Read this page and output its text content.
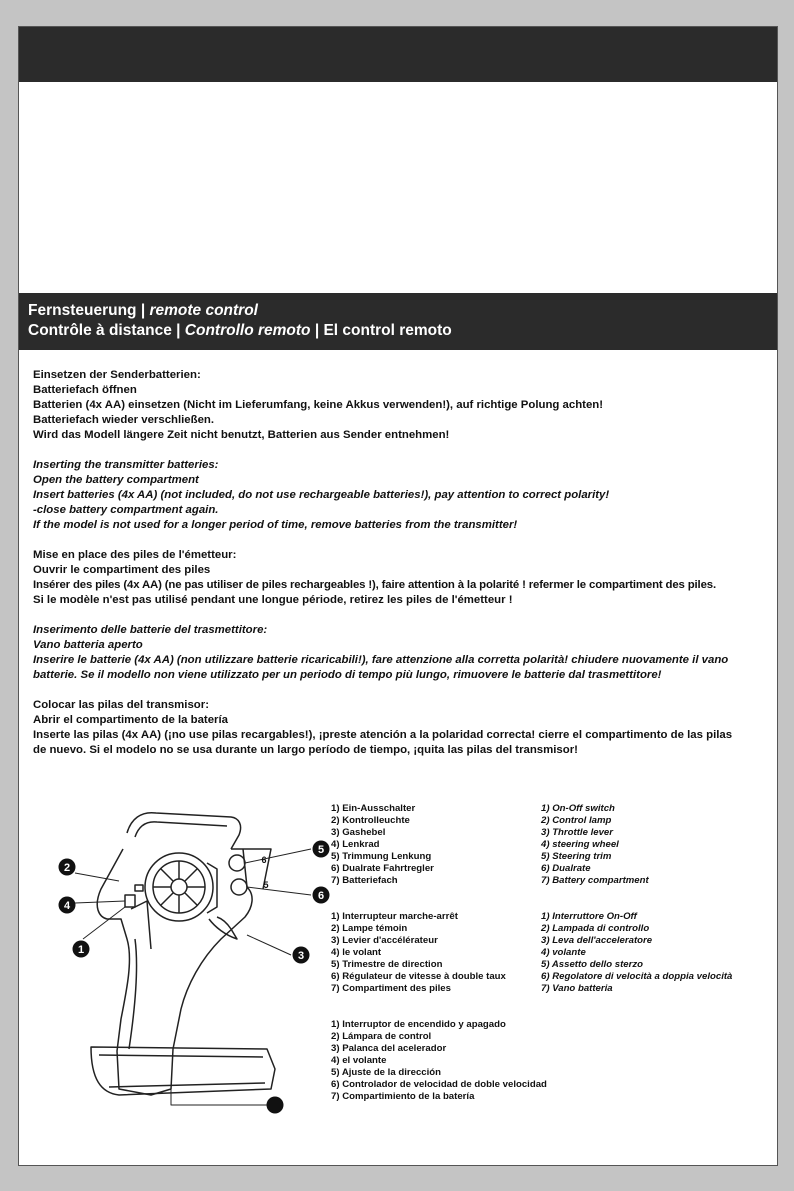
Fernsteuerung | remote control
Contrôle à distance | Controllo remoto | El control remoto
Einsetzen der Senderbatterien:
Batteriefach öffnen
Batterien (4x AA) einsetzen (Nicht im Lieferumfang, keine Akkus verwenden!), auf richtige Polung achten!
Batteriefach wieder verschließen.
Wird das Modell längere Zeit nicht benutzt, Batterien aus Sender entnehmen!
Inserting the transmitter batteries:
Open the battery compartment
Insert batteries (4x AA) (not included, do not use rechargeable batteries!), pay attention to correct polarity!
-close battery compartment again.
If the model is not used for a longer period of time, remove batteries from the transmitter!
Mise en place des piles de l'émetteur:
Ouvrir le compartiment des piles
Insérer des piles (4x AA) (ne pas utiliser de piles rechargeables !), faire attention à la polarité ! refermer le compartiment des piles.
Si le modèle n'est pas utilisé pendant une longue période, retirez les piles de l'émetteur !
Inserimento delle batterie del trasmettitore:
Vano batteria aperto
Inserire le batterie (4x AA) (non utilizzare batterie ricaricabili!), fare attenzione alla corretta polarità! chiudere nuovamente il vano batterie. Se il modello non viene utilizzato per un periodo di tempo più lungo, rimuovere le batterie dal trasmettitore!
Colocar las pilas del transmisor:
Abrir el compartimento de la batería
Inserte las pilas (4x AA) (¡no use pilas recargables!), ¡preste atención a la polaridad correcta! cierre el compartimento de las pilas de nuevo. Si el modelo no se usa durante un largo período de tiempo, ¡quita las pilas del transmisor!
2
4
1
5
6
3
6
5
1) Ein-Ausschalter
2) Kontrolleuchte
3) Gashebel
4) Lenkrad
5) Trimmung Lenkung
6) Dualrate Fahrtregler
7) Batteriefach
1) On-Off switch
2) Control lamp
3) Throttle lever
4) steering wheel
5) Steering trim
6) Dualrate
7) Battery compartment
1) Interrupteur marche-arrêt
2) Lampe témoin
3) Levier d'accélérateur
4) le volant
5) Trimestre de direction
6) Régulateur de vitesse à double taux
7) Compartiment des piles
1) Interruttore On-Off
2) Lampada di controllo
3) Leva dell'acceleratore
4) volante
5) Assetto dello sterzo
6) Regolatore di velocità a doppia velocità
7) Vano batteria
1) Interruptor de encendido y apagado
2) Lámpara de control
3) Palanca del acelerador
4) el volante
5) Ajuste de la dirección
6) Controlador de velocidad de doble velocidad
7) Compartimiento de la batería
